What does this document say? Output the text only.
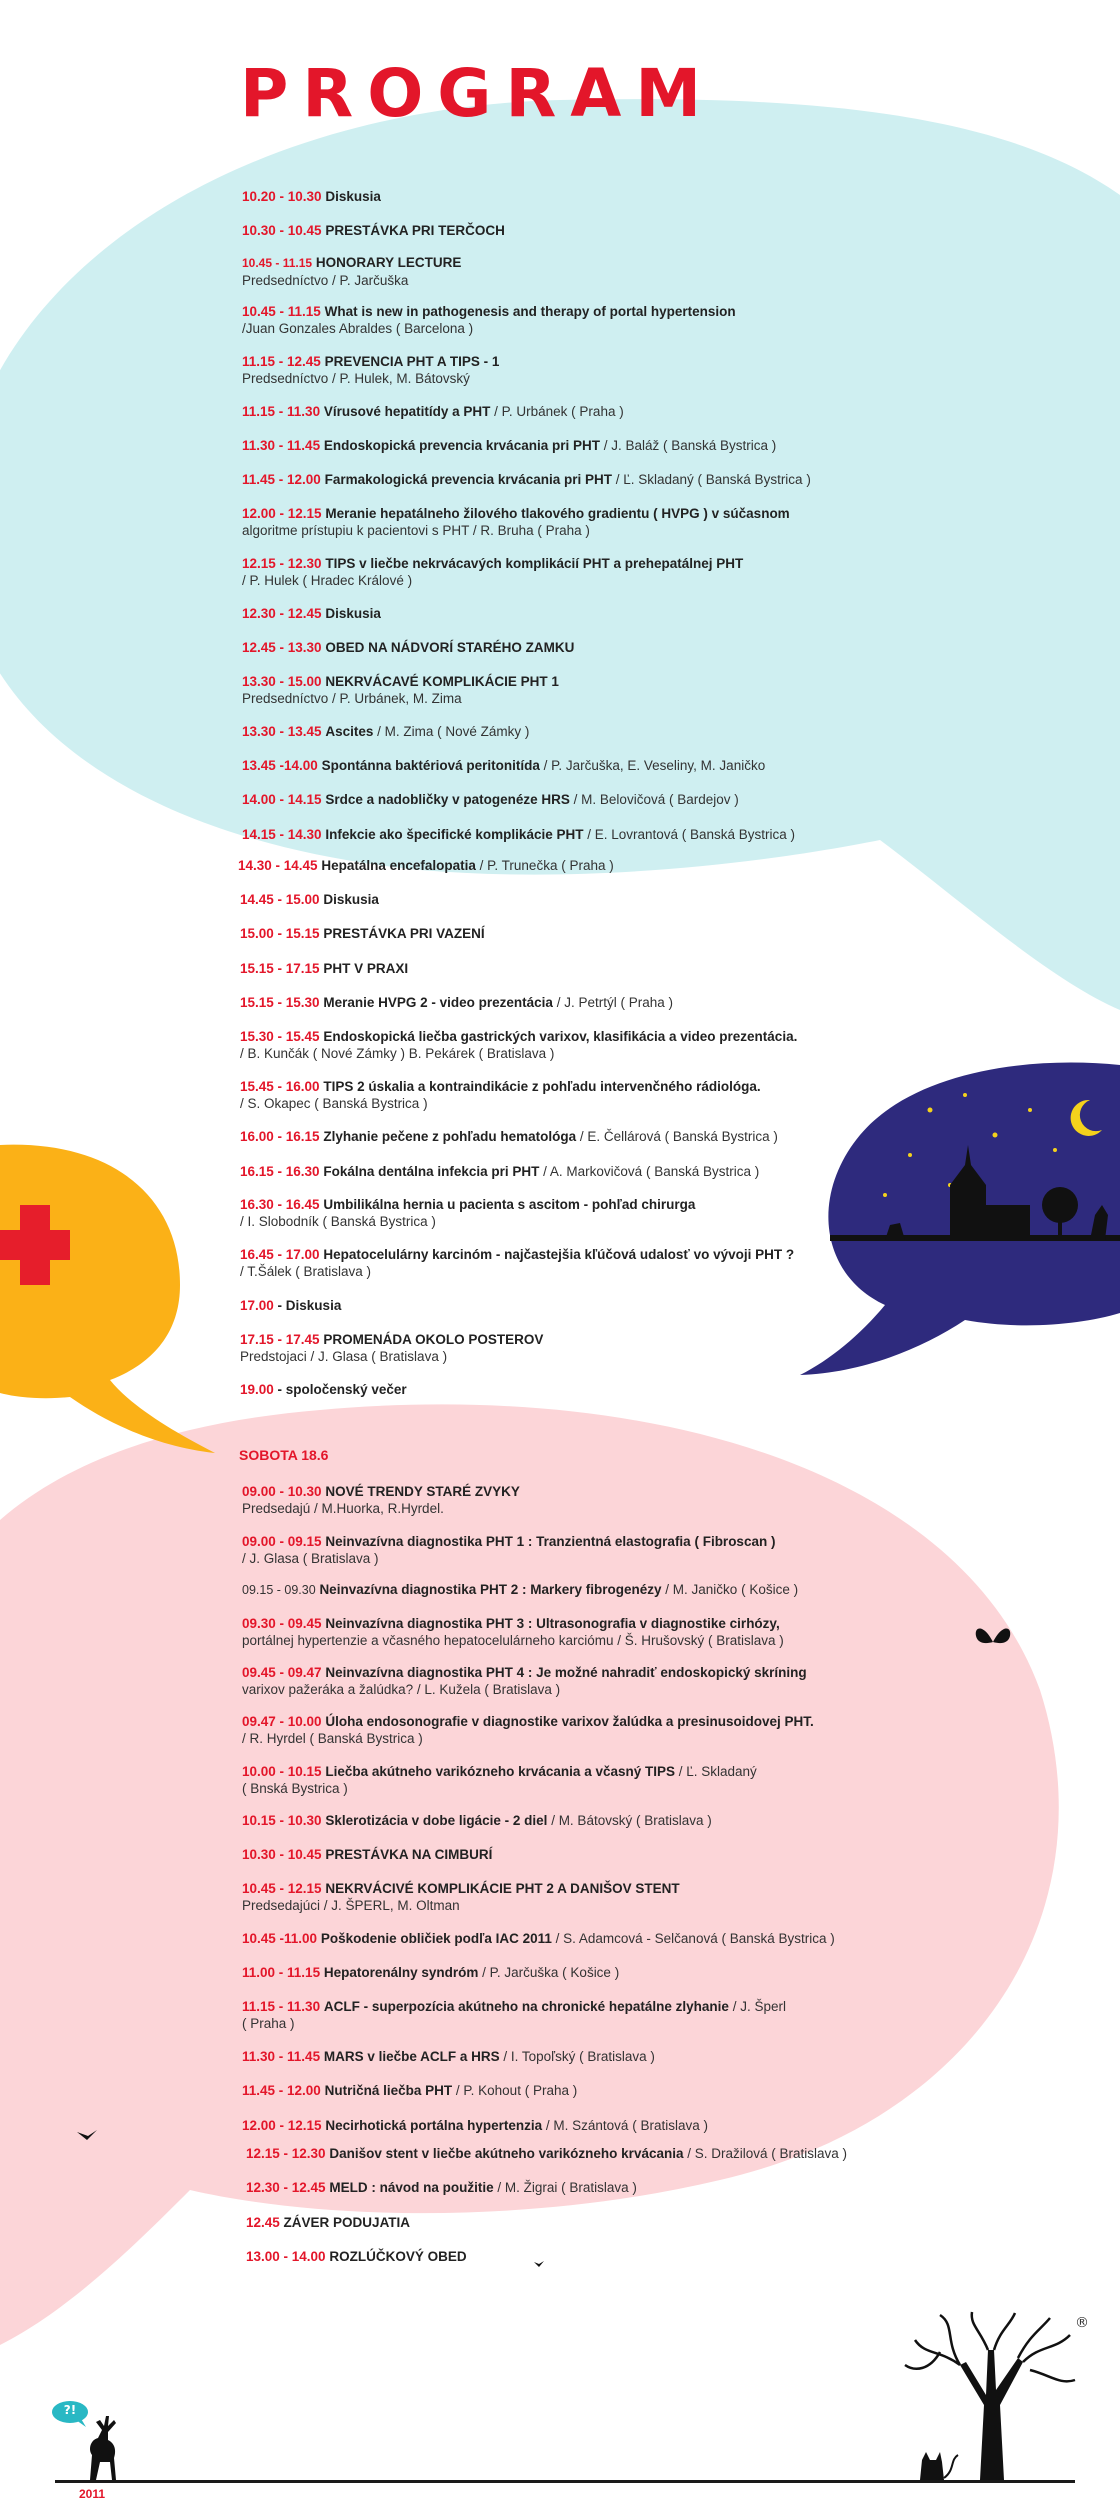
PROGRAM
10.20 - 10.30 Diskusia
10.30 - 10.45 PRESTÁVKA PRI TERČOCH
10.45 - 11.15 HONORARY LECTURE
Predsedníctvo / P. Jarčuška
10.45 - 11.15 What is new in pathogenesis and therapy of portal hypertension
/Juan Gonzales Abraldes ( Barcelona )
11.15 - 12.45 PREVENCIA PHT A TIPS - 1
Predsedníctvo / P. Hulek, M. Bátovský
11.15 - 11.30 Vírusové hepatitídy a PHT / P. Urbánek ( Praha )
11.30 - 11.45 Endoskopická prevencia krvácania pri PHT / J. Baláž ( Banská Bystrica )
11.45 - 12.00 Farmakologická prevencia krvácania pri PHT / Ľ. Skladaný ( Banská Bystrica )
12.00 - 12.15 Meranie hepatálneho žilového tlakového gradientu ( HVPG ) v súčasnom
algoritme prístupiu k pacientovi s PHT / R. Bruha ( Praha )
12.15 - 12.30 TIPS v liečbe nekrvácavých komplikácií PHT a prehepatálnej PHT
/ P. Hulek ( Hradec Králové )
12.30 - 12.45 Diskusia
12.45 - 13.30 OBED NA NÁDVORÍ STARÉHO ZAMKU
13.30 - 15.00 NEKRVÁCAVÉ KOMPLIKÁCIE PHT 1
Predsedníctvo / P. Urbánek, M. Zima
13.30 - 13.45 Ascites / M. Zima ( Nové Zámky )
13.45 -14.00 Spontánna baktériová peritonitída / P. Jarčuška, E. Veseliny, M. Janičko
14.00 - 14.15 Srdce a nadobličky v patogenéze HRS / M. Belovičová ( Bardejov )
14.15 - 14.30 Infekcie ako špecifické komplikácie PHT / E. Lovrantová ( Banská Bystrica )
14.30 - 14.45 Hepatálna encefalopatia / P. Trunečka ( Praha )
14.45 - 15.00 Diskusia
15.00 - 15.15 PRESTÁVKA PRI VAZENÍ
15.15 - 17.15 PHT V PRAXI
15.15 - 15.30 Meranie HVPG 2 - video prezentácia / J. Petrtýl ( Praha )
15.30 - 15.45 Endoskopická liečba gastrických varixov, klasifikácia a video prezentácia.
/ B. Kunčák ( Nové Zámky ) B. Pekárek ( Bratislava )
15.45 - 16.00 TIPS 2 úskalia a kontraindikácie z pohľadu intervenčného rádiológa.
/ S. Okapec ( Banská Bystrica )
16.00 - 16.15 Zlyhanie pečene z pohľadu hematológa / E. Čellárová ( Banská Bystrica )
16.15 - 16.30 Fokálna dentálna infekcia pri PHT / A. Markovičová ( Banská Bystrica )
16.30 - 16.45 Umbilikálna hernia u pacienta s ascitom - pohľad chirurga
/ I. Slobodník ( Banská Bystrica )
16.45 - 17.00 Hepatocelulárny karcinóm - najčastejšia kľúčová udalosť vo vývoji PHT ?
/ T.Šálek ( Bratislava )
17.00 - Diskusia
17.15 - 17.45 PROMENÁDA OKOLO POSTEROV
Predstojaci / J. Glasa ( Bratislava )
19.00 - spoločenský večer
SOBOTA 18.6
09.00 - 10.30 NOVÉ TRENDY STARÉ ZVYKY
Predsedajú / M.Huorka, R.Hyrdel.
09.00 - 09.15 Neinvazívna diagnostika PHT 1 : Tranzientná elastografia ( Fibroscan )
/ J. Glasa ( Bratislava )
09.15 - 09.30 Neinvazívna diagnostika PHT 2 : Markery fibrogenézy / M. Janičko ( Košice )
09.30 - 09.45 Neinvazívna diagnostika PHT 3 : Ultrasonografia v diagnostike cirhózy,
portálnej hypertenzie a včasného hepatocelulárneho karciómu / Š. Hrušovský ( Bratislava )
09.45 - 09.47 Neinvazívna diagnostika PHT 4 : Je možné nahradiť endoskopický skríning
varixov pažeráka a žalúdka? / L. Kužela ( Bratislava )
09.47 - 10.00 Úloha endosonografie v diagnostike varixov žalúdka a presinusoidovej PHT.
/ R. Hyrdel ( Banská Bystrica )
10.00 - 10.15 Liečba akútneho varikózneho krvácania a včasný TIPS / Ľ. Skladaný
( Bnská Bystrica )
10.15 - 10.30 Sklerotizácia v dobe ligácie - 2 diel / M. Bátovský ( Bratislava )
10.30 - 10.45 PRESTÁVKA NA CIMBURÍ
10.45 - 12.15 NEKRVÁCIVÉ KOMPLIKÁCIE PHT 2 A DANIŠOV STENT
Predsedajúci / J. ŠPERL, M. Oltman
10.45 -11.00 Poškodenie obličiek podľa IAC 2011 / S. Adamcová - Selčanová ( Banská Bystrica )
11.00 - 11.15 Hepatorenálny syndróm / P. Jarčuška ( Košice )
11.15 - 11.30 ACLF - superpozícia akútneho na chronické hepatálne zlyhanie / J. Šperl
( Praha )
11.30 - 11.45 MARS v liečbe ACLF a HRS / I. Topoľský ( Bratislava )
11.45 - 12.00 Nutričná liečba PHT / P. Kohout ( Praha )
12.00 - 12.15 Necirhotická portálna hypertenzia / M. Szántová ( Bratislava )
12.15 - 12.30 Danišov stent v liečbe akútneho varikózneho krvácania / S. Dražilová ( Bratislava )
12.30 - 12.45 MELD : návod na použitie / M. Žigrai ( Bratislava )
12.45 ZÁVER PODUJATIA
13.00 - 14.00 ROZLÚČKOVÝ OBED
®
?!
2011
